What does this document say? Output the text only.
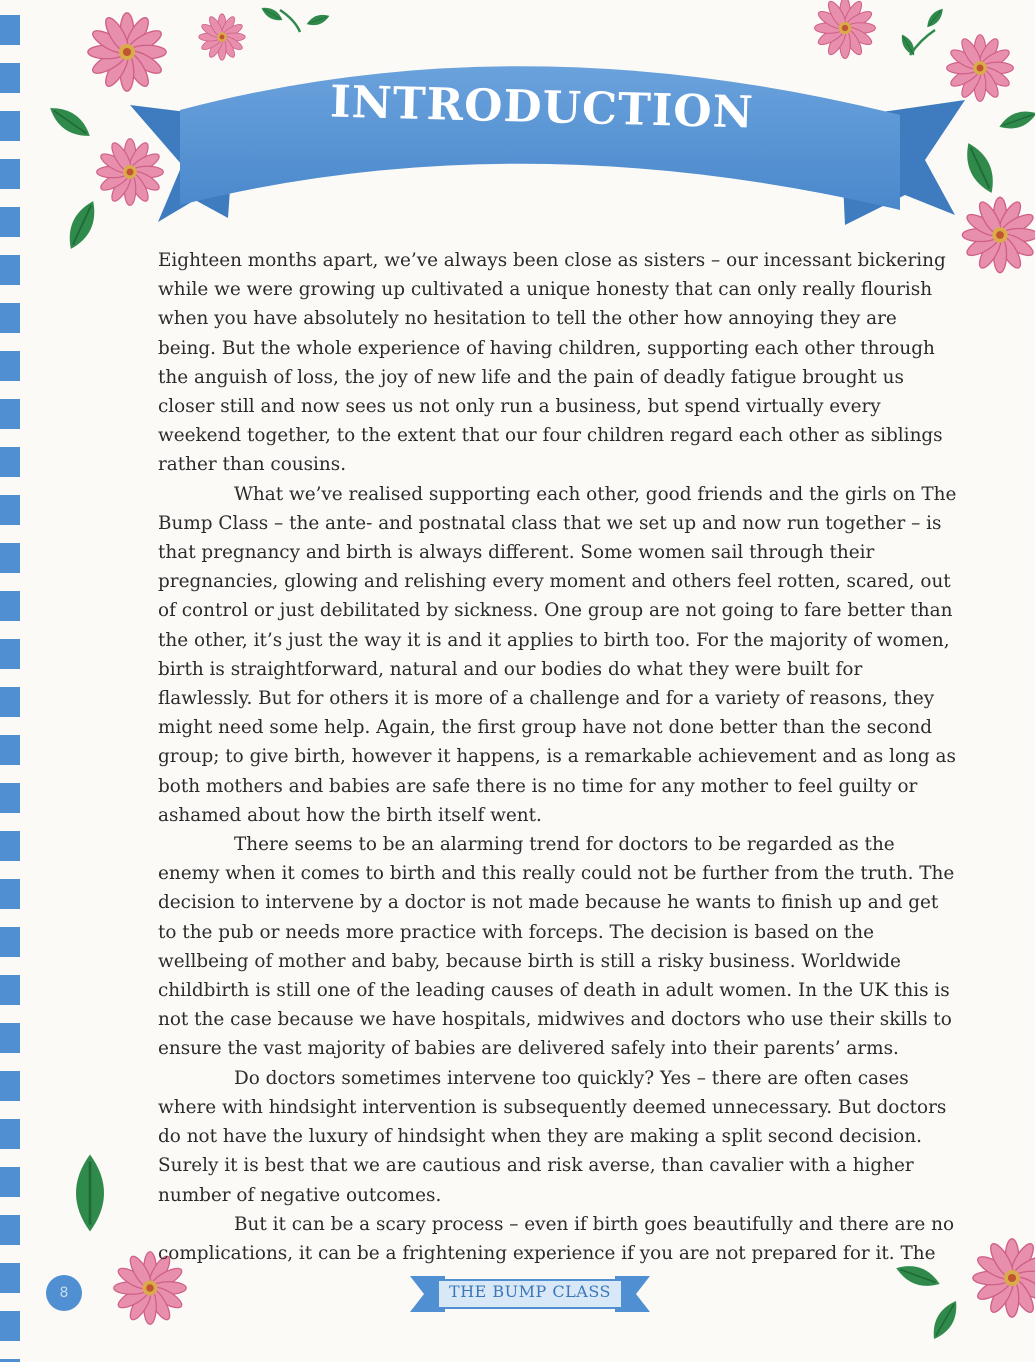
INTRODUCTION

Eighteen months apart, we’ve always been close as sisters – our incessant bickering while we were growing up cultivated a unique honesty that can only really flourish when you have absolutely no hesitation to tell the other how annoying they are being. But the whole experience of having children, supporting each other through the anguish of loss, the joy of new life and the pain of deadly fatigue brought us closer still and now sees us not only run a business, but spend virtually every weekend together, to the extent that our four children regard each other as siblings rather than cousins.

What we’ve realised supporting each other, good friends and the girls on The Bump Class – the ante- and postnatal class that we set up and now run together – is that pregnancy and birth is always different. Some women sail through their pregnancies, glowing and relishing every moment and others feel rotten, scared, out of control or just debilitated by sickness. One group are not going to fare better than the other, it’s just the way it is and it applies to birth too. For the majority of women, birth is straightforward, natural and our bodies do what they were built for flawlessly. But for others it is more of a challenge and for a variety of reasons, they might need some help. Again, the first group have not done better than the second group; to give birth, however it happens, is a remarkable achievement and as long as both mothers and babies are safe there is no time for any mother to feel guilty or ashamed about how the birth itself went.

There seems to be an alarming trend for doctors to be regarded as the enemy when it comes to birth and this really could not be further from the truth. The decision to intervene by a doctor is not made because he wants to finish up and get to the pub or needs more practice with forceps. The decision is based on the wellbeing of mother and baby, because birth is still a risky business. Worldwide childbirth is still one of the leading causes of death in adult women. In the UK this is not the case because we have hospitals, midwives and doctors who use their skills to ensure the vast majority of babies are delivered safely into their parents’ arms.

Do doctors sometimes intervene too quickly? Yes – there are often cases where with hindsight intervention is subsequently deemed unnecessary. But doctors do not have the luxury of hindsight when they are making a split second decision. Surely it is best that we are cautious and risk averse, than cavalier with a higher number of negative outcomes.

But it can be a scary process – even if birth goes beautifully and there are no complications, it can be a frightening experience if you are not prepared for it. The

8	THE BUMP CLASS
